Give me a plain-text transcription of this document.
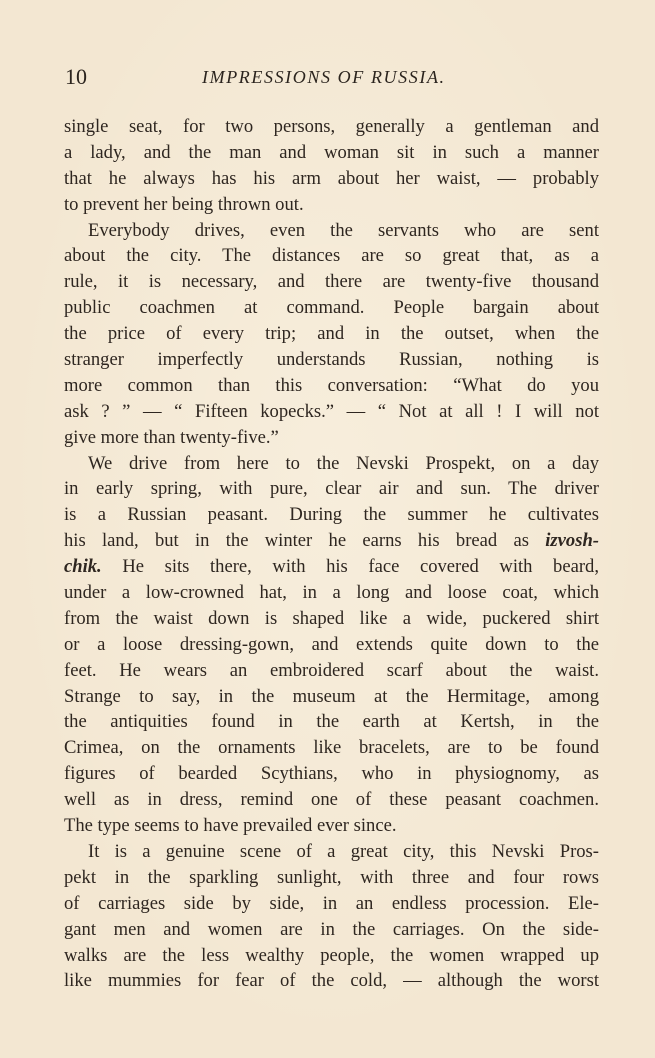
10	IMPRESSIONS OF RUSSIA.
single seat, for two persons, generally a gentleman and
a lady, and the man and woman sit in such a manner
that he always has his arm about her waist, — probably
to prevent her being thrown out.
Everybody drives, even the servants who are sent
about the city. The distances are so great that, as a
rule, it is necessary, and there are twenty-five thousand
public coachmen at command. People bargain about
the price of every trip; and in the outset, when the
stranger imperfectly understands Russian, nothing is
more common than this conversation: “What do you
ask ? ” — “ Fifteen kopecks.” — “ Not at all ! I will not
give more than twenty-five.”
We drive from here to the Nevski Prospekt, on a day
in early spring, with pure, clear air and sun. The driver
is a Russian peasant. During the summer he cultivates
his land, but in the winter he earns his bread as izvosh-
chik. He sits there, with his face covered with beard,
under a low-crowned hat, in a long and loose coat, which
from the waist down is shaped like a wide, puckered shirt
or a loose dressing-gown, and extends quite down to the
feet. He wears an embroidered scarf about the waist.
Strange to say, in the museum at the Hermitage, among
the antiquities found in the earth at Kertsh, in the
Crimea, on the ornaments like bracelets, are to be found
figures of bearded Scythians, who in physiognomy, as
well as in dress, remind one of these peasant coachmen.
The type seems to have prevailed ever since.
It is a genuine scene of a great city, this Nevski Pros-
pekt in the sparkling sunlight, with three and four rows
of carriages side by side, in an endless procession. Ele-
gant men and women are in the carriages. On the side-
walks are the less wealthy people, the women wrapped up
like mummies for fear of the cold, — although the worst
